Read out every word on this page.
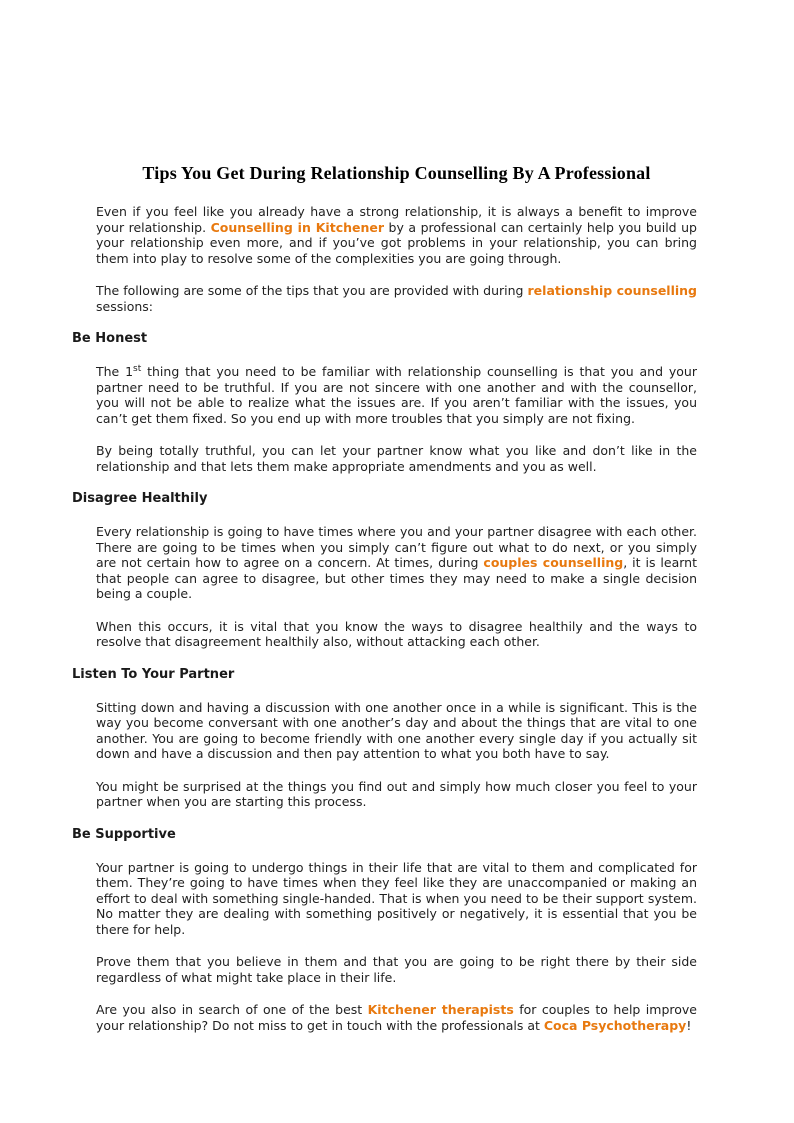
Tips You Get During Relationship Counselling By A Professional

Even if you feel like you already have a strong relationship, it is always a benefit to improve your relationship. Counselling in Kitchener by a professional can certainly help you build up your relationship even more, and if you’ve got problems in your relationship, you can bring them into play to resolve some of the complexities you are going through.

The following are some of the tips that you are provided with during relationship counselling sessions:

Be Honest

The 1st thing that you need to be familiar with relationship counselling is that you and your partner need to be truthful. If you are not sincere with one another and with the counsellor, you will not be able to realize what the issues are. If you aren’t familiar with the issues, you can’t get them fixed. So you end up with more troubles that you simply are not fixing.

By being totally truthful, you can let your partner know what you like and don’t like in the relationship and that lets them make appropriate amendments and you as well.

Disagree Healthily

Every relationship is going to have times where you and your partner disagree with each other. There are going to be times when you simply can’t figure out what to do next, or you simply are not certain how to agree on a concern. At times, during couples counselling, it is learnt that people can agree to disagree, but other times they may need to make a single decision being a couple.

When this occurs, it is vital that you know the ways to disagree healthily and the ways to resolve that disagreement healthily also, without attacking each other.

Listen To Your Partner

Sitting down and having a discussion with one another once in a while is significant. This is the way you become conversant with one another’s day and about the things that are vital to one another. You are going to become friendly with one another every single day if you actually sit down and have a discussion and then pay attention to what you both have to say.

You might be surprised at the things you find out and simply how much closer you feel to your partner when you are starting this process.

Be Supportive

Your partner is going to undergo things in their life that are vital to them and complicated for them. They’re going to have times when they feel like they are unaccompanied or making an effort to deal with something single-handed. That is when you need to be their support system. No matter they are dealing with something positively or negatively, it is essential that you be there for help.

Prove them that you believe in them and that you are going to be right there by their side regardless of what might take place in their life.

Are you also in search of one of the best Kitchener therapists for couples to help improve your relationship? Do not miss to get in touch with the professionals at Coca Psychotherapy!
